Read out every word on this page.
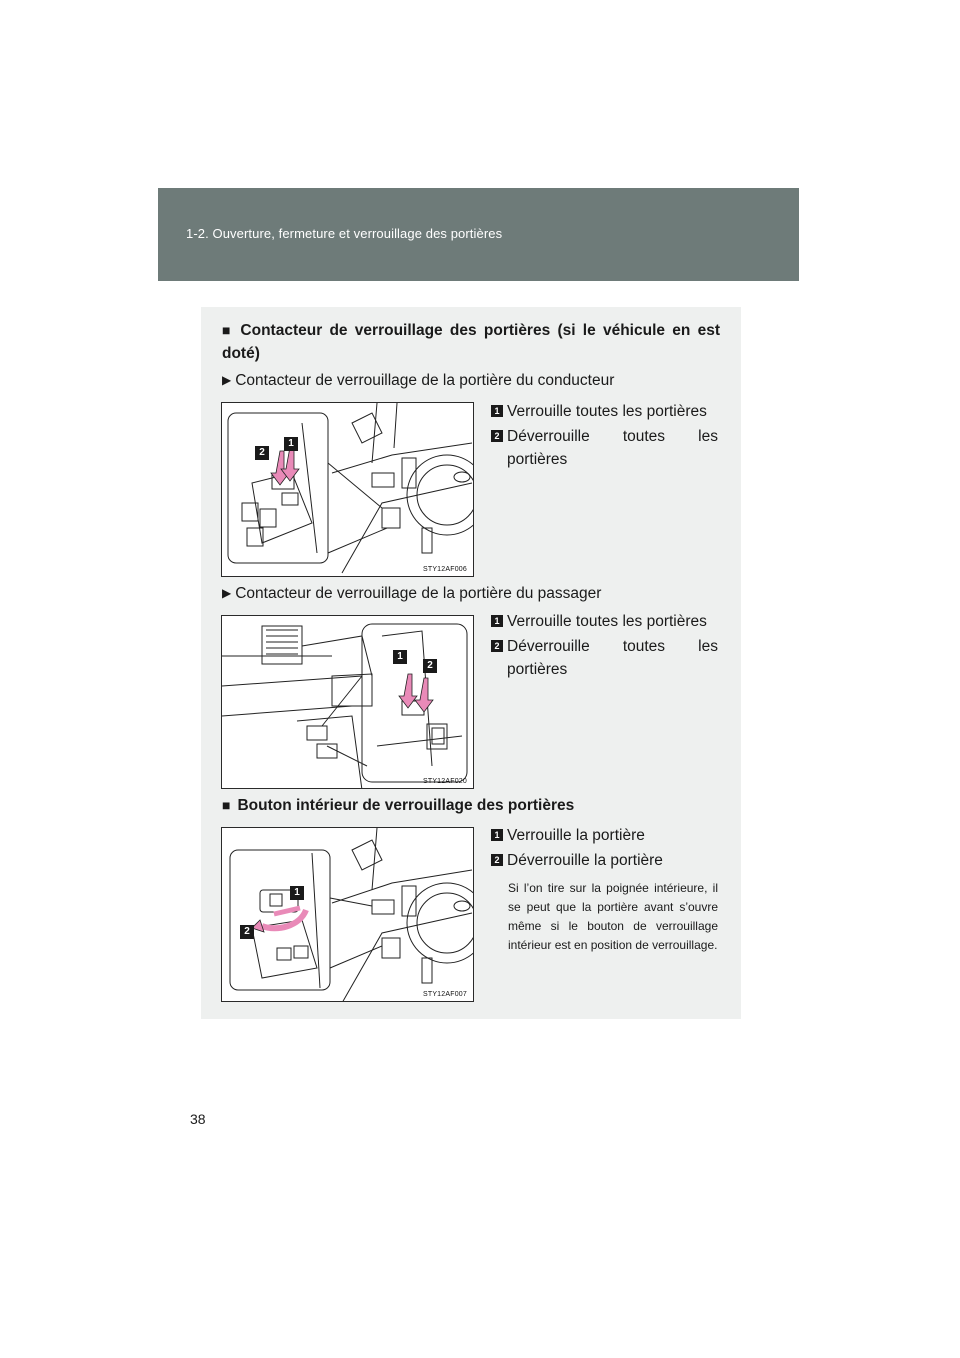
1-2. Ouverture, fermeture et verrouillage des portières
■ Contacteur de verrouillage des portières (si le véhicule en est doté)
▶ Contacteur de verrouillage de la portière du conducteur
2
1
STY12AF006
1 Verrouille toutes les portières
2 Déverrouille toutes les portières
▶ Contacteur de verrouillage de la portière du passager
1
2
STY12AF020
1 Verrouille toutes les portières
2 Déverrouille toutes les portières
■ Bouton intérieur de verrouillage des portières
1
2
STY12AF007
1 Verrouille la portière
2 Déverrouille la portière
Si l’on tire sur la poignée intérieure, il se peut que la portière avant s’ouvre même si le bouton de verrouillage intérieur est en position de verrouillage.
38
